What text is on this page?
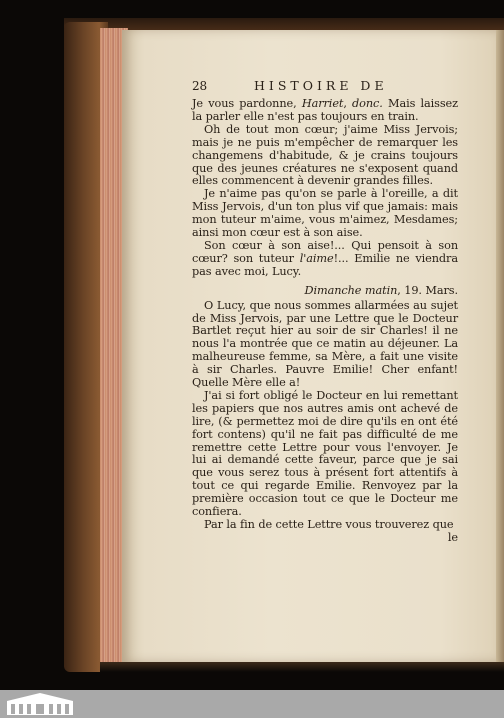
28	HISTOIRE DE

Je vous pardonne, Harriet, donc. Mais laissez la parler elle n'est pas toujours en train.

Oh de tout mon cœur; j'aime Miss Jervois; mais je ne puis m'empêcher de remarquer les changemens d'habitude, & je crains toujours que des jeunes créatures ne s'exposent quand elles commencent à devenir grandes filles.

Je n'aime pas qu'on se parle à l'oreille, a dit Miss Jervois, d'un ton plus vif que jamais: mais mon tuteur m'aime, vous m'aimez, Mesdames; ainsi mon cœur est à son aise.

Son cœur à son aise!... Qui pensoit à son cœur? son tuteur l'aime!... Emilie ne viendra pas avec moi, Lucy.

Dimanche matin, 19. Mars.

O Lucy, que nous sommes allarmées au sujet de Miss Jervois, par une Lettre que le Docteur Bartlet reçut hier au soir de sir Charles! il ne nous l'a montrée que ce matin au déjeuner. La malheureuse femme, sa Mère, a fait une visite à sir Charles. Pauvre Emilie! Cher enfant! Quelle Mère elle a!

J'ai si fort obligé le Docteur en lui remettant les papiers que nos autres amis ont achevé de lire, (& permettez moi de dire qu'ils en ont été fort contens) qu'il ne fait pas difficulté de me remettre cette Lettre pour vous l'envoyer. Je lui ai demandé cette faveur, parce que je sai que vous serez tous à présent fort attentifs à tout ce qui regarde Emilie. Renvoyez par la première occasion tout ce que le Docteur me confiera.

Par la fin de cette Lettre vous trouverez que

le
